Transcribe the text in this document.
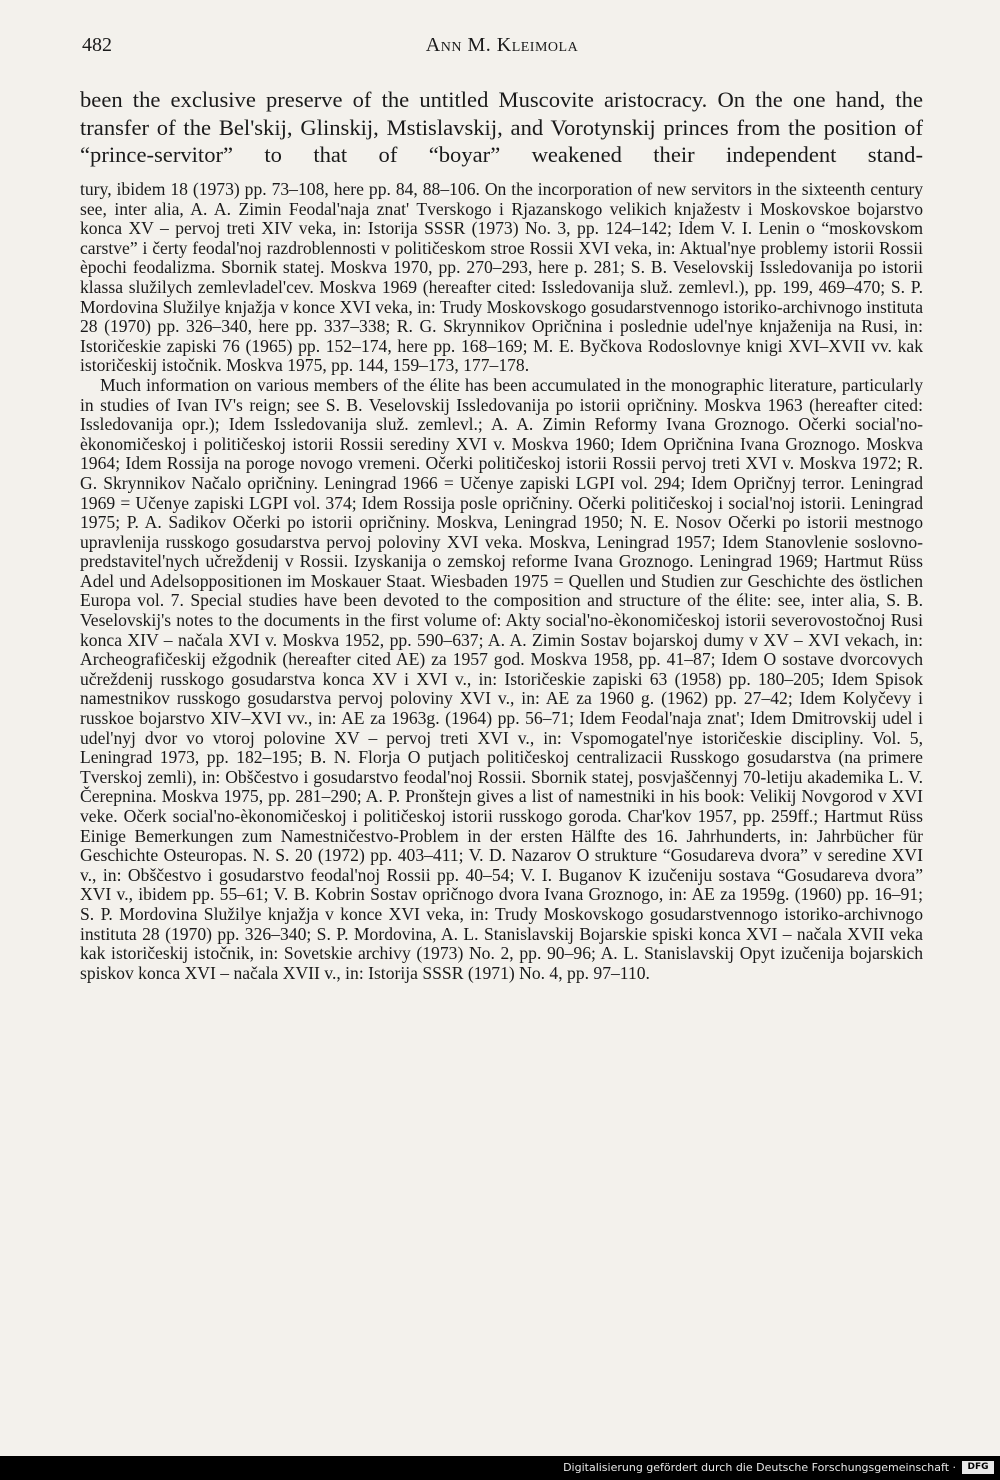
482	Ann M. Kleimola
been the exclusive preserve of the untitled Muscovite aristocracy. On the one hand, the transfer of the Bel'skij, Glinskij, Mstislavskij, and Vorotynskij princes from the position of “prince-servitor” to that of “boyar” weakened their independent stand-

tury, ibidem 18 (1973) pp. 73–108, here pp. 84, 88–106. On the incorporation of new servitors in the sixteenth century see, inter alia, A. A. Zimin Feodal'naja znat' Tverskogo i Rjazanskogo velikich knjažestv i Moskovskoe bojarstvo konca XV – pervoj treti XIV veka, in: Istorija SSSR (1973) No. 3, pp. 124–142; Idem V. I. Lenin o “moskovskom carstve” i čerty feodal'noj razdroblennosti v političeskom stroe Rossii XVI veka, in: Aktual'nye problemy istorii Rossii èpochi feodalizma. Sbornik statej. Moskva 1970, pp. 270–293, here p. 281; S. B. Veselovskij Issledovanija po istorii klassa služilych zemlevladel'cev. Moskva 1969 (hereafter cited: Issledovanija služ. zemlevl.), pp. 199, 469–470; S. P. Mordovina Služilye knjažja v konce XVI veka, in: Trudy Moskovskogo gosudarstvennogo istoriko-archivnogo instituta 28 (1970) pp. 326–340, here pp. 337–338; R. G. Skrynnikov Opričnina i poslednie udel'nye knjaženija na Rusi, in: Istoričeskie zapiski 76 (1965) pp. 152–174, here pp. 168–169; M. E. Byčkova Rodoslovnye knigi XVI–XVII vv. kak istoričeskij istočnik. Moskva 1975, pp. 144, 159–173, 177–178.

Much information on various members of the élite has been accumulated in the monographic literature, particularly in studies of Ivan IV's reign; see S. B. Veselovskij Issledovanija po istorii opričniny. Moskva 1963 (hereafter cited: Issledovanija opr.); Idem Issledovanija služ. zemlevl.; A. A. Zimin Reformy Ivana Groznogo. Očerki social'no-èkonomičeskoj i političeskoj istorii Rossii serediny XVI v. Moskva 1960; Idem Opričnina Ivana Groznogo. Moskva 1964; Idem Rossija na poroge novogo vremeni. Očerki političeskoj istorii Rossii pervoj treti XVI v. Moskva 1972; R. G. Skrynnikov Načalo opričniny. Leningrad 1966 = Učenye zapiski LGPI vol. 294; Idem Opričnyj terror. Leningrad 1969 = Učenye zapiski LGPI vol. 374; Idem Rossija posle opričniny. Očerki političeskoj i social'noj istorii. Leningrad 1975; P. A. Sadikov Očerki po istorii opričniny. Moskva, Leningrad 1950; N. E. Nosov Očerki po istorii mestnogo upravlenija russkogo gosudarstva pervoj poloviny XVI veka. Moskva, Leningrad 1957; Idem Stanovlenie soslovno-predstavitel'nych učreždenij v Rossii. Izyskanija o zemskoj reforme Ivana Groznogo. Leningrad 1969; Hartmut Rüss Adel und Adelsoppositionen im Moskauer Staat. Wiesbaden 1975 = Quellen und Studien zur Geschichte des östlichen Europa vol. 7. Special studies have been devoted to the composition and structure of the élite: see, inter alia, S. B. Veselovskij's notes to the documents in the first volume of: Akty social'no-èkonomičeskoj istorii severovostočnoj Rusi konca XIV – načala XVI v. Moskva 1952, pp. 590–637; A. A. Zimin Sostav bojarskoj dumy v XV – XVI vekach, in: Archeografičeskij ežgodnik (hereafter cited AE) za 1957 god. Moskva 1958, pp. 41–87; Idem O sostave dvorcovych učreždenij russkogo gosudarstva konca XV i XVI v., in: Istoričeskie zapiski 63 (1958) pp. 180–205; Idem Spisok namestnikov russkogo gosudarstva pervoj poloviny XVI v., in: AE za 1960 g. (1962) pp. 27–42; Idem Kolyčevy i russkoe bojarstvo XIV–XVI vv., in: AE za 1963g. (1964) pp. 56–71; Idem Feodal'naja znat'; Idem Dmitrovskij udel i udel'nyj dvor vo vtoroj polovine XV – pervoj treti XVI v., in: Vspomogatel'nye istoričeskie discipliny. Vol. 5, Leningrad 1973, pp. 182–195; B. N. Florja O putjach političeskoj centralizacii Russkogo gosudarstva (na primere Tverskoj zemli), in: Obščestvo i gosudarstvo feodal'noj Rossii. Sbornik statej, posvjaščennyj 70-letiju akademika L. V. Čerepnina. Moskva 1975, pp. 281–290; A. P. Pronštejn gives a list of namestniki in his book: Velikij Novgorod v XVI veke. Očerk social'no-èkonomičeskoj i političeskoj istorii russkogo goroda. Char'kov 1957, pp. 259ff.; Hartmut Rüss Einige Bemerkungen zum Namestničestvo-Problem in der ersten Hälfte des 16. Jahrhunderts, in: Jahrbücher für Geschichte Osteuropas. N. S. 20 (1972) pp. 403–411; V. D. Nazarov O strukture “Gosudareva dvora” v seredine XVI v., in: Obščestvo i gosudarstvo feodal'noj Rossii pp. 40–54; V. I. Buganov K izučeniju sostava “Gosudareva dvora” XVI v., ibidem pp. 55–61; V. B. Kobrin Sostav opričnogo dvora Ivana Groznogo, in: AE za 1959g. (1960) pp. 16–91; S. P. Mordovina Služilye knjažja v konce XVI veka, in: Trudy Moskovskogo gosudarstvennogo istoriko-archivnogo instituta 28 (1970) pp. 326–340; S. P. Mordovina, A. L. Stanislavskij Bojarskie spiski konca XVI – načala XVII veka kak istoričeskij istočnik, in: Sovetskie archivy (1973) No. 2, pp. 90–96; A. L. Stanislavskij Opyt izučenija bojarskich spiskov konca XVI – načala XVII v., in: Istorija SSSR (1971) No. 4, pp. 97–110.

Digitalisierung gefördert durch die Deutsche Forschungsgemeinschaft ·	DFG
